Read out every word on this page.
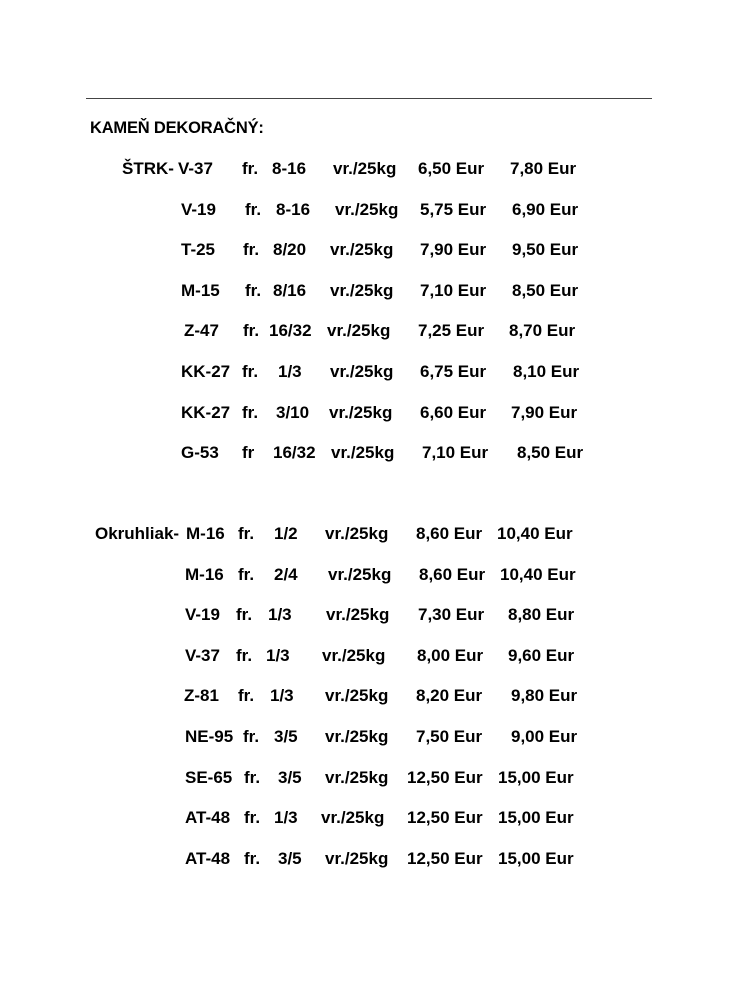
KAMEŇ DEKORAČNÝ:
ŠTRK- V-37 fr. 8-16 vr./25kg 6,50 Eur 7,80 Eur
V-19 fr. 8-16 vr./25kg 5,75 Eur 6,90 Eur
T-25 fr. 8/20 vr./25kg 7,90 Eur 9,50 Eur
M-15 fr. 8/16 vr./25kg 7,10 Eur 8,50 Eur
Z-47 fr. 16/32 vr./25kg 7,25 Eur 8,70 Eur
KK-27 fr. 1/3 vr./25kg 6,75 Eur 8,10 Eur
KK-27 fr. 3/10 vr./25kg 6,60 Eur 7,90 Eur
G-53 fr 16/32 vr./25kg 7,10 Eur 8,50 Eur
Okruhliak- M-16 fr. 1/2 vr./25kg 8,60 Eur 10,40 Eur
M-16 fr. 2/4 vr./25kg 8,60 Eur 10,40 Eur
V-19 fr. 1/3 vr./25kg 7,30 Eur 8,80 Eur
V-37 fr. 1/3 vr./25kg 8,00 Eur 9,60 Eur
Z-81 fr. 1/3 vr./25kg 8,20 Eur 9,80 Eur
NE-95 fr. 3/5 vr./25kg 7,50 Eur 9,00 Eur
SE-65 fr. 3/5 vr./25kg 12,50 Eur 15,00 Eur
AT-48 fr. 1/3 vr./25kg 12,50 Eur 15,00 Eur
AT-48 fr. 3/5 vr./25kg 12,50 Eur 15,00 Eur
